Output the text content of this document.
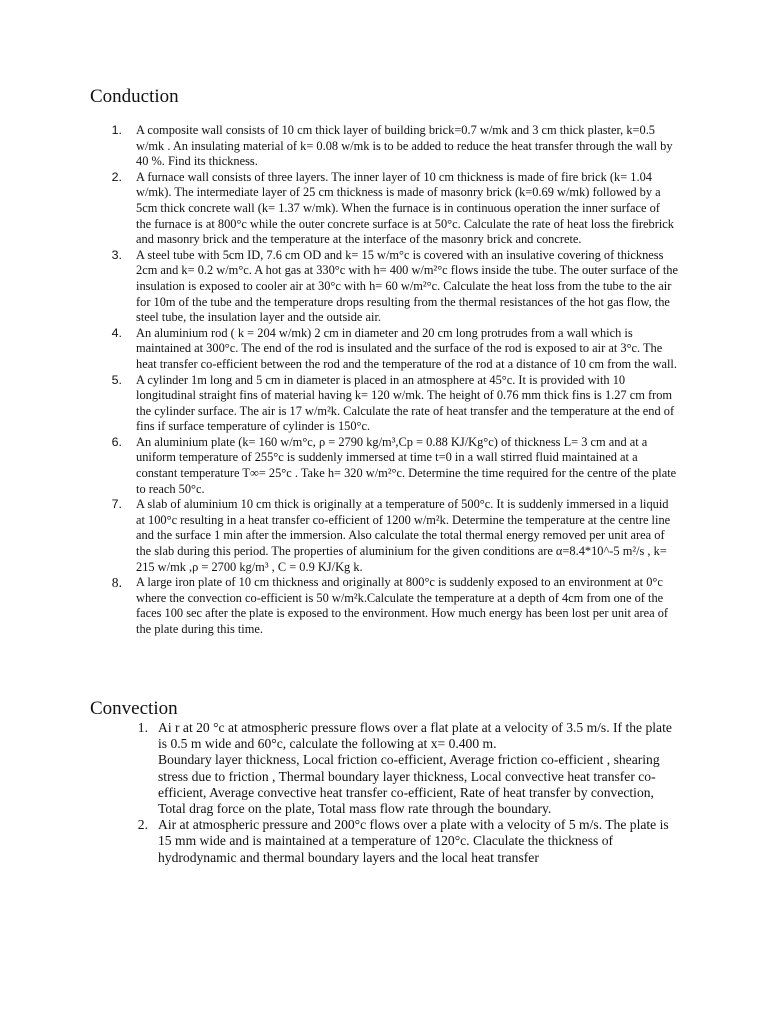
Conduction
1. A composite wall consists of 10 cm thick layer of building brick=0.7 w/mk and 3 cm thick plaster, k=0.5 w/mk . An insulating material of k= 0.08 w/mk is to be added to reduce the heat transfer through the wall by 40 %. Find its thickness.
2. A furnace wall consists of three layers. The inner layer of 10 cm thickness is made of fire brick (k= 1.04 w/mk). The intermediate layer of 25 cm thickness is made of masonry brick (k=0.69 w/mk) followed by a 5cm thick concrete wall (k= 1.37 w/mk). When the furnace is in continuous operation the inner surface of the furnace is at 800°c while the outer concrete surface is at 50°c. Calculate the rate of heat loss the firebrick and masonry brick and the temperature at the interface of the masonry brick and concrete.
3. A steel tube with 5cm ID, 7.6 cm OD and k= 15 w/m°c is covered with an insulative covering of thickness 2cm and k= 0.2 w/m°c. A hot gas at 330°c with h= 400 w/m²°c flows inside the tube. The outer surface of the insulation is exposed to cooler air at 30°c with h= 60 w/m²°c. Calculate the heat loss from the tube to the air for 10m of the tube and the temperature drops resulting from the thermal resistances of the hot gas flow, the steel tube, the insulation layer and the outside air.
4. An aluminium rod ( k = 204 w/mk) 2 cm in diameter and 20 cm long protrudes from a wall which is maintained at 300°c. The end of the rod is insulated and the surface of the rod is exposed to air at 3°c. The heat transfer co-efficient between the rod and the temperature of the rod at a distance of 10 cm from the wall.
5. A cylinder 1m long and 5 cm in diameter is placed in an atmosphere at 45°c. It is provided with 10 longitudinal straight fins of material having k= 120 w/mk. The height of 0.76 mm thick fins is 1.27 cm from the cylinder surface. The air is 17 w/m²k. Calculate the rate of heat transfer and the temperature at the end of fins if surface temperature of cylinder is 150°c.
6. An aluminium plate (k= 160 w/m°c, ρ = 2790 kg/m³,Cp = 0.88 KJ/Kg°c) of thickness L= 3 cm and at a uniform temperature of 255°c is suddenly immersed at time t=0 in a wall stirred fluid maintained at a constant temperature T∞= 25°c . Take h= 320 w/m²°c. Determine the time required for the centre of the plate to reach 50°c.
7. A slab of aluminium 10 cm thick is originally at a temperature of 500°c. It is suddenly immersed in a liquid at 100°c resulting in a heat transfer co-efficient of 1200 w/m²k. Determine the temperature at the centre line and the surface 1 min after the immersion. Also calculate the total thermal energy removed per unit area of the slab during this period. The properties of aluminium for the given conditions are α=8.4*10^-5 m²/s , k= 215 w/mk ,ρ = 2700 kg/m³ , C = 0.9 KJ/Kg k.
8. A large iron plate of 10 cm thickness and originally at 800°c is suddenly exposed to an environment at 0°c where the convection co-efficient is 50 w/m²k.Calculate the temperature at a depth of 4cm from one of the faces 100 sec after the plate is exposed to the environment. How much energy has been lost per unit area of the plate during this time.
Convection
1. Ai r at 20 °c at atmospheric pressure flows over a flat plate at a velocity of 3.5 m/s. If the plate is 0.5 m wide and 60°c, calculate the following at x= 0.400 m.
Boundary layer thickness, Local friction co-efficient, Average friction co-efficient , shearing stress due to friction , Thermal boundary layer thickness, Local convective heat transfer co-efficient, Average convective heat transfer co-efficient, Rate of heat transfer by convection, Total drag force on the plate, Total mass flow rate through the boundary.
2. Air at atmospheric pressure and 200°c flows over a plate with a velocity of 5 m/s. The plate is 15 mm wide and is maintained at a temperature of 120°c. Claculate the thickness of hydrodynamic and thermal boundary layers and the local heat transfer
